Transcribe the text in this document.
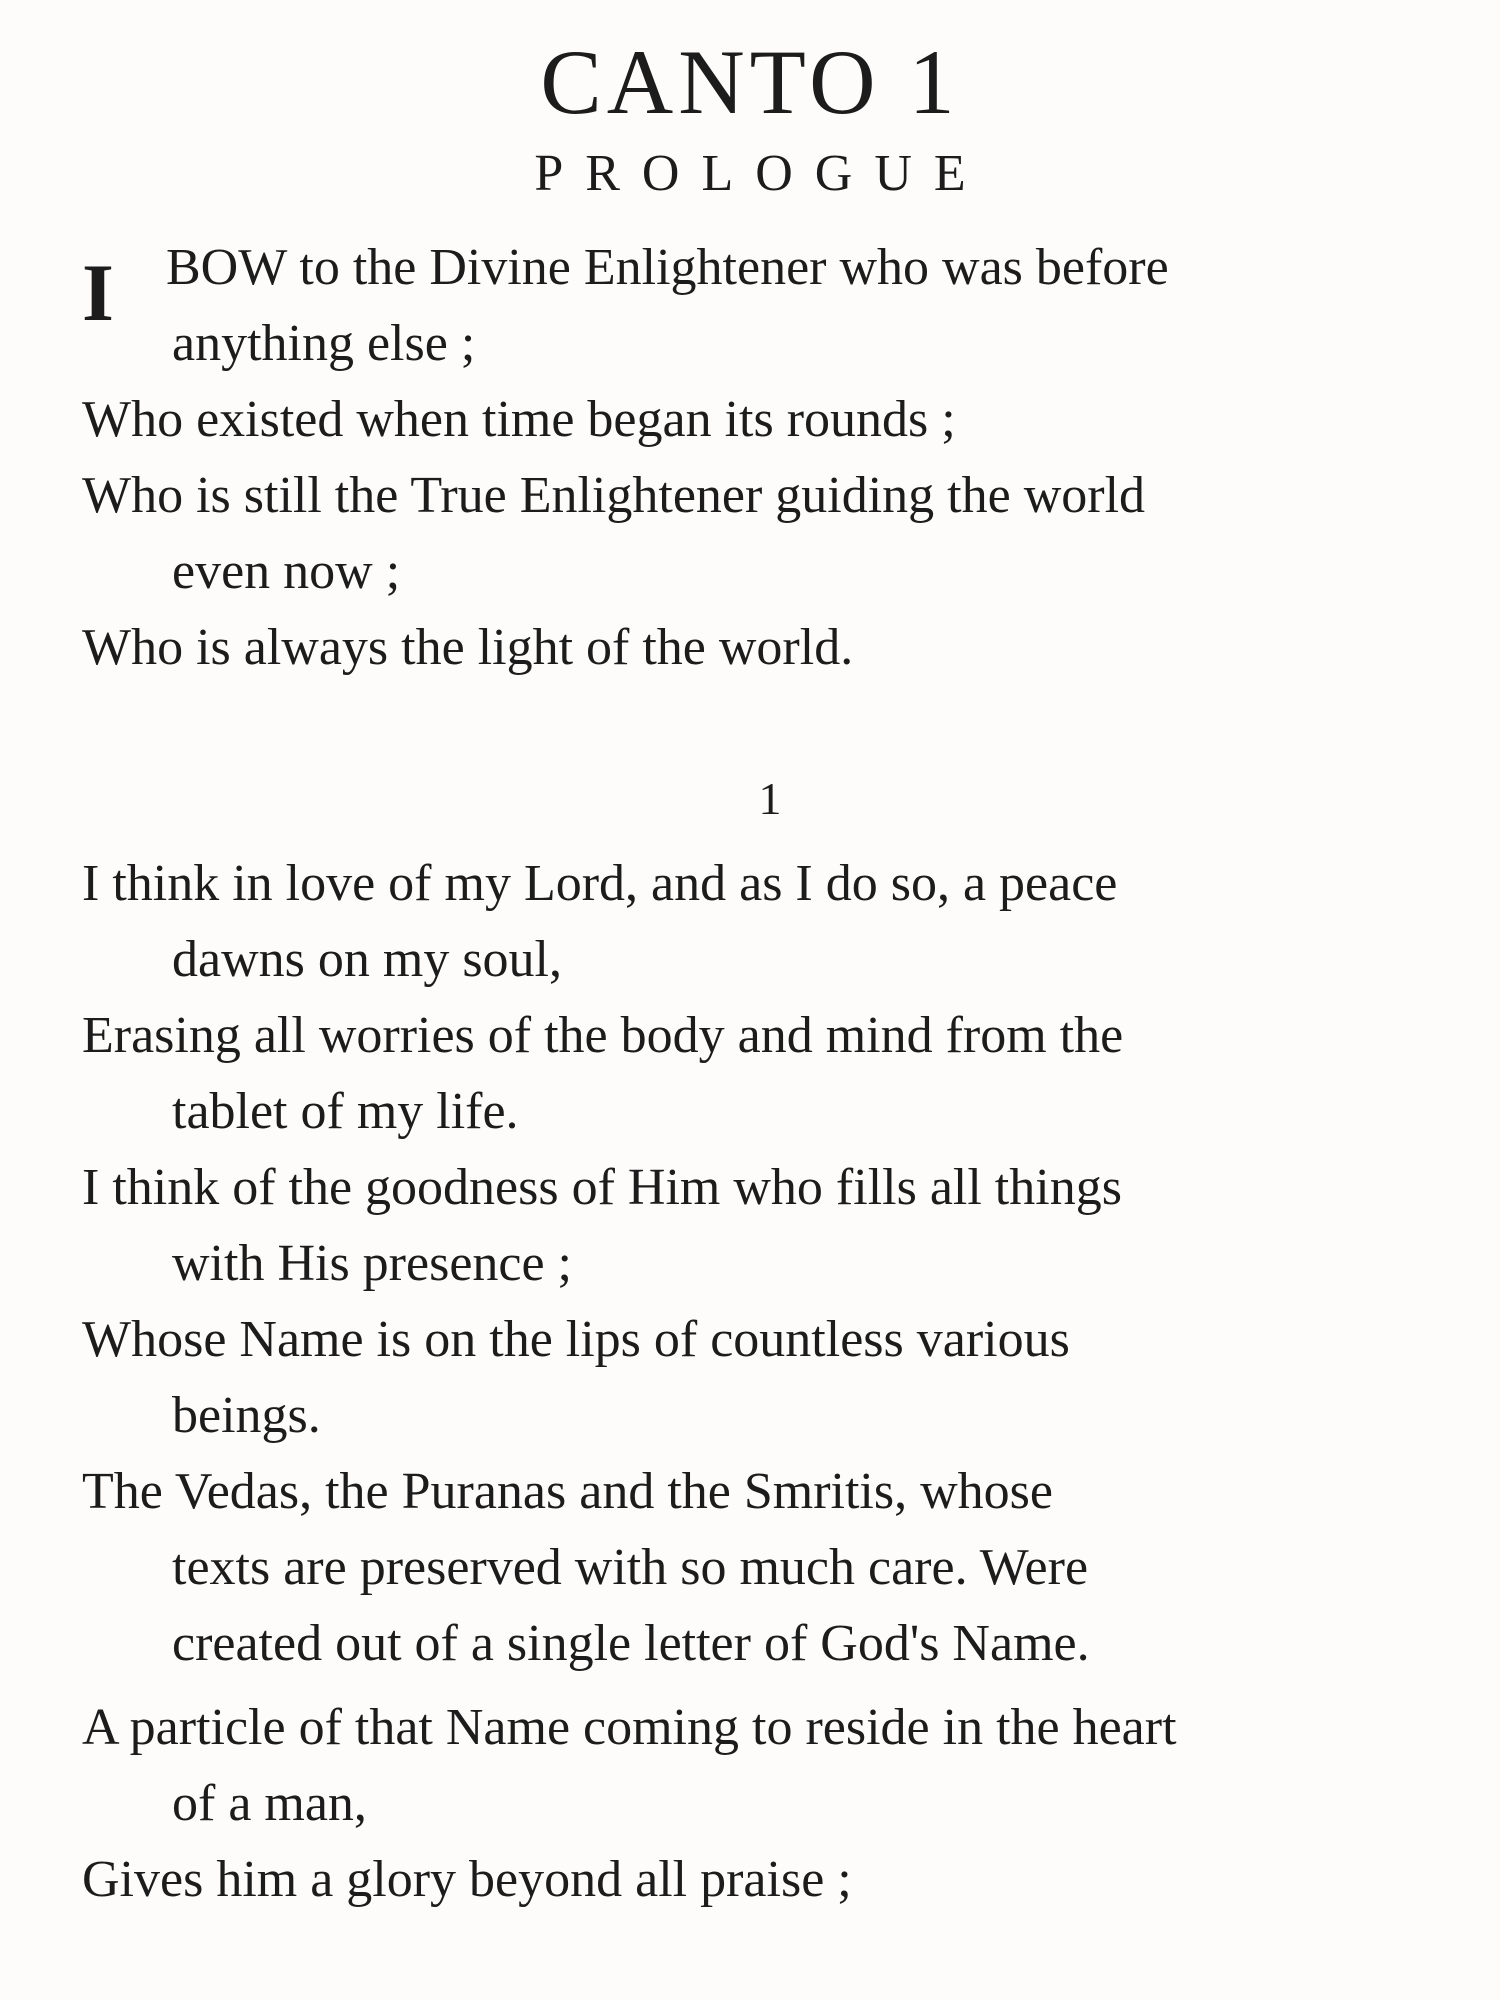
CANTO 1
PROLOGUE
I	BOW to the Divine Enlightener who was before
anything else ;
Who existed when time began its rounds ;
Who is still the True Enlightener guiding the world
even now ;
Who is always the light of the world.
1
I think in love of my Lord, and as I do so, a peace
dawns on my soul,
Erasing all worries of the body and mind from the
tablet of my life.
I think of the goodness of Him who fills all things
with His presence ;
Whose Name is on the lips of countless various
beings.
The Vedas, the Puranas and the Smritis, whose
texts are preserved with so much care. Were
created out of a single letter of God's Name.
A particle of that Name coming to reside in the heart
of a man,
Gives him a glory beyond all praise ;
